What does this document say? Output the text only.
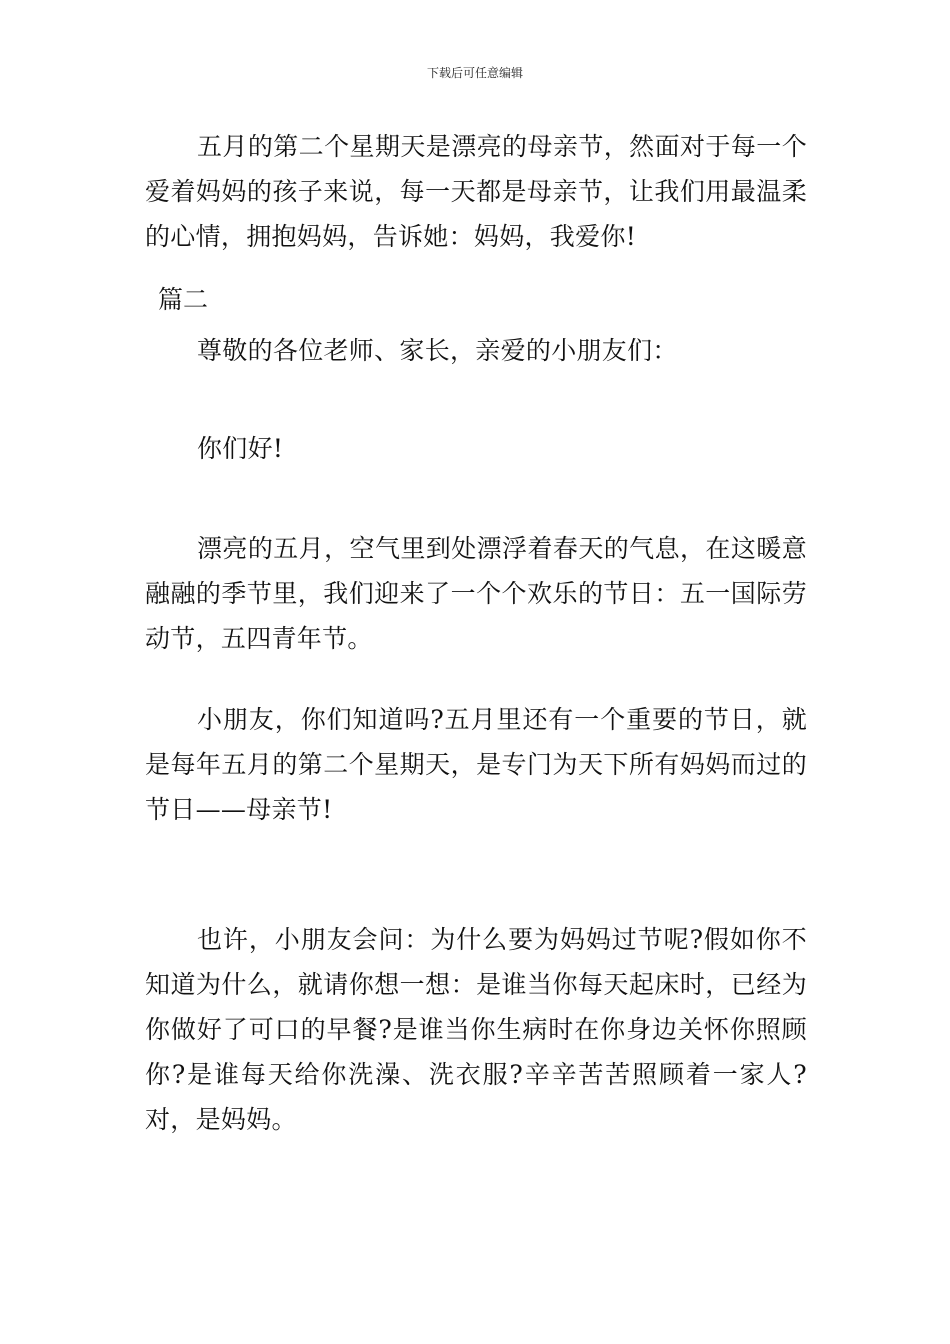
下载后可任意编辑

五月的第二个星期天是漂亮的母亲节，然面对于每一个爱着妈妈的孩子来说，每一天都是母亲节，让我们用最温柔的心情，拥抱妈妈，告诉她：妈妈，我爱你!

篇二

尊敬的各位老师、家长，亲爱的小朋友们：

你们好!

漂亮的五月，空气里到处漂浮着春天的气息，在这暖意融融的季节里，我们迎来了一个个欢乐的节日：五一国际劳动节，五四青年节。

小朋友，你们知道吗?五月里还有一个重要的节日，就是每年五月的第二个星期天，是专门为天下所有妈妈而过的节日——母亲节!

也许，小朋友会问：为什么要为妈妈过节呢?假如你不知道为什么，就请你想一想：是谁当你每天起床时，已经为你做好了可口的早餐?是谁当你生病时在你身边关怀你照顾你?是谁每天给你洗澡、洗衣服?辛辛苦苦照顾着一家人?对，是妈妈。
